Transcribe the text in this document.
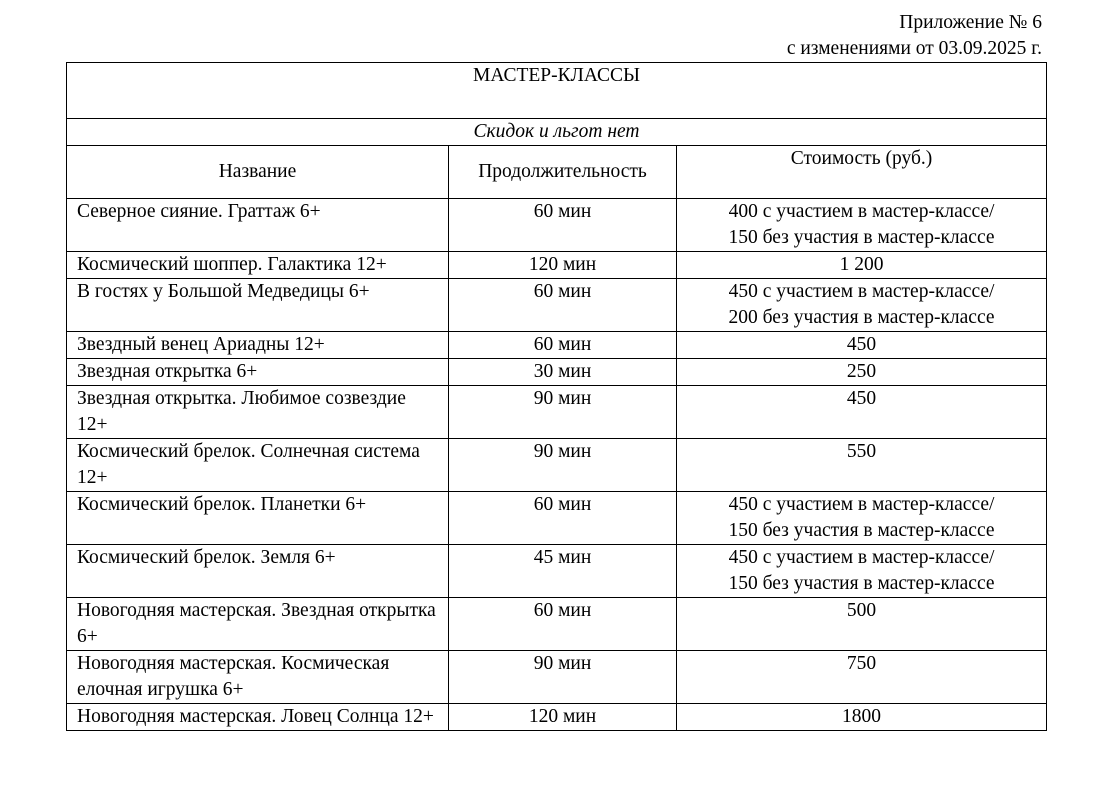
Приложение № 6
с изменениями от 03.09.2025 г.
МАСТЕР-КЛАССЫ		
Скидок и льгот нет		
Название	Продолжительность	Стоимость (руб.)
Северное сияние. Граттаж 6+	60 мин	400 с участием в мастер-классе/
150 без участия в мастер-классе

Космический шоппер. Галактика 12+	120 мин	1 200

В гостях у Большой Медведицы 6+	60 мин	450 с участием в мастер-классе/
200 без участия в мастер-классе

Звездный венец Ариадны 12+	60 мин	450

Звездная открытка 6+	30 мин	250

Звездная открытка. Любимое созвездие 12+	90 мин	450

Космический брелок. Солнечная система 12+	90 мин	550

Космический брелок. Планетки 6+	60 мин	450 с участием в мастер-классе/
150 без участия в мастер-классе

Космический брелок. Земля 6+	45 мин	450 с участием в мастер-классе/
150 без участия в мастер-классе

Новогодняя мастерская. Звездная открытка 6+	60 мин	500

Новогодняя мастерская. Космическая елочная игрушка 6+	90 мин	750

Новогодняя мастерская. Ловец Солнца 12+	120 мин	1800
